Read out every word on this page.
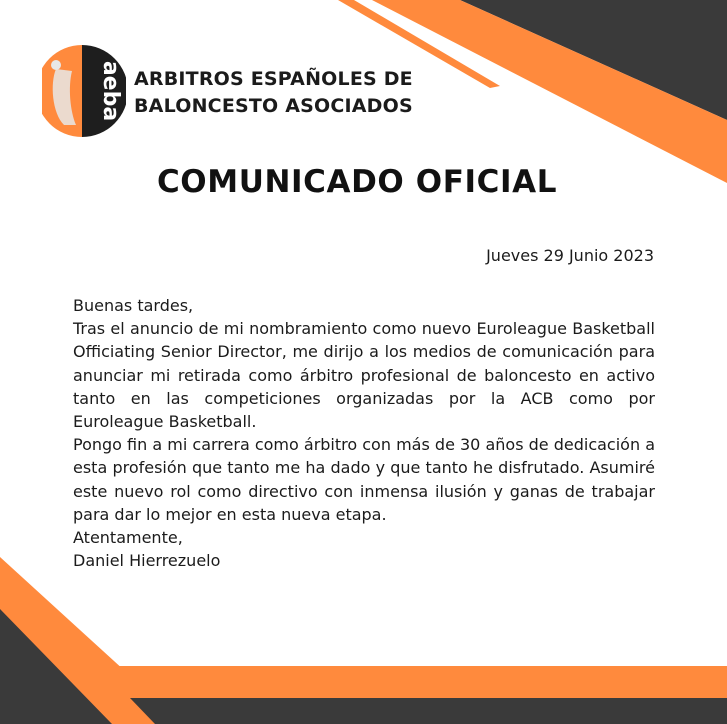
aeba ARBITROS ESPAÑOLES DE
BALONCESTO ASOCIADOS
COMUNICADO OFICIAL
Jueves 29 Junio 2023

Buenas tardes,

Tras el anuncio de mi nombramiento como nuevo Euroleague Basketball Officiating Senior Director, me dirijo a los medios de comunicación para anunciar mi retirada como árbitro profesional de baloncesto en activo tanto en las competiciones organizadas por la ACB como por Euroleague Basketball.

Pongo fin a mi carrera como árbitro con más de 30 años de dedicación a esta profesión que tanto me ha dado y que tanto he disfrutado. Asumiré este nuevo rol como directivo con inmensa ilusión y ganas de trabajar para dar lo mejor en esta nueva etapa.

Atentamente,

Daniel Hierrezuelo
